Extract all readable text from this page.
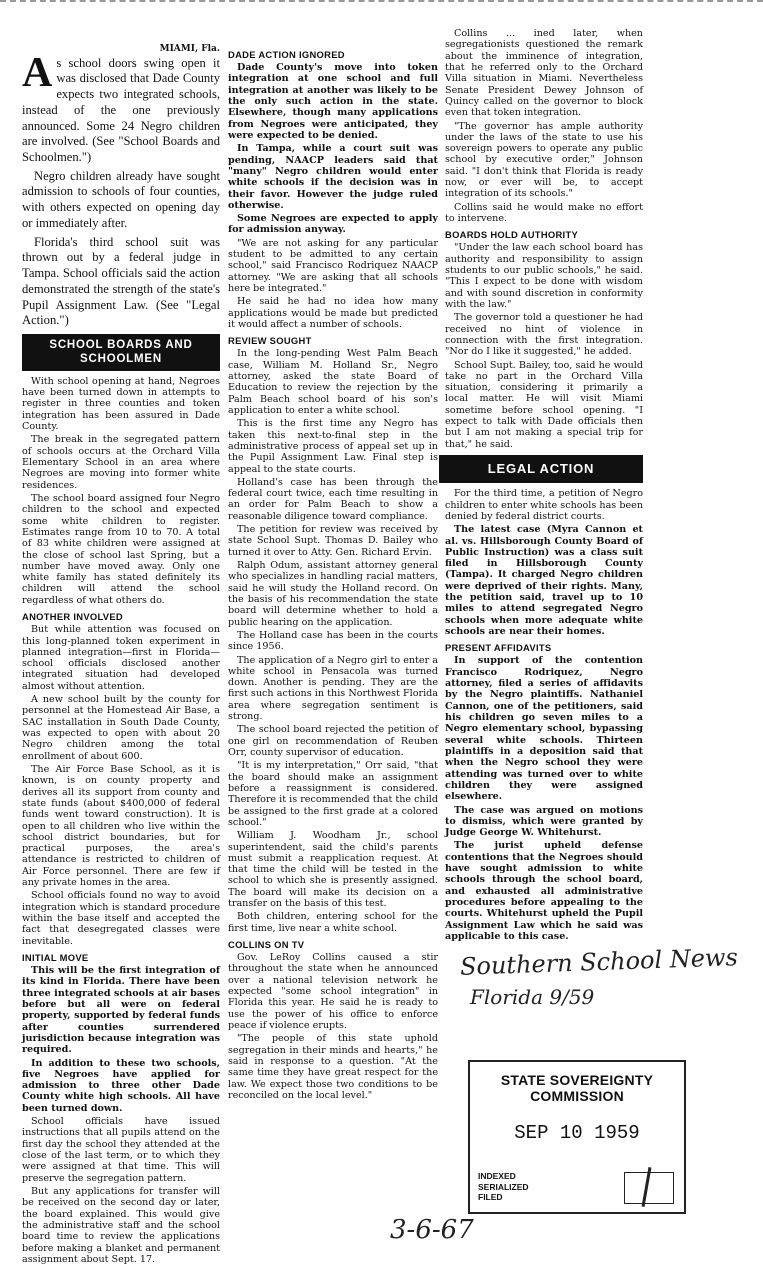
MIAMI, Fla.

As school doors swing open it was disclosed that Dade County expects two integrated schools, instead of the one previously announced. Some 24 Negro children are involved. (See "School Boards and Schoolmen.")

Negro children already have sought admission to schools of four counties, with others expected on opening day or immediately after.

Florida's third school suit was thrown out by a federal judge in Tampa. School officials said the action demonstrated the strength of the state's Pupil Assignment Law. (See "Legal Action.")

SCHOOL BOARDS AND SCHOOLMEN

With school opening at hand, Negroes have been turned down in attempts to register in three counties and token integration has been assured in Dade County.

The break in the segregated pattern of schools occurs at the Orchard Villa Elementary School in an area where Negroes are moving into former white residences.

The school board assigned four Negro children to the school and expected some white children to register. Estimates range from 10 to 70. A total of 83 white children were assigned at the close of school last Spring, but a number have moved away. Only one white family has stated definitely its children will attend the school regardless of what others do.

ANOTHER INVOLVED

But while attention was focused on this long-planned token experiment in planned integration—first in Florida—school officials disclosed another integrated situation had developed almost without attention.

A new school built by the county for personnel at the Homestead Air Base, a SAC installation in South Dade County, was expected to open with about 20 Negro children among the total enrollment of about 600.

The Air Force Base School, as it is known, is on county property and derives all its support from county and state funds (about $400,000 of federal funds went toward construction). It is open to all children who live within the school district boundaries, but for practical purposes, the area's attendance is restricted to children of Air Force personnel. There are few if any private homes in the area.

School officials found no way to avoid integration which is standard procedure within the base itself and accepted the fact that desegregated classes were inevitable.

INITIAL MOVE

This will be the first integration of its kind in Florida. There have been three integrated schools at air bases before but all were on federal property, supported by federal funds after counties surrendered jurisdiction because integration was required.

In addition to these two schools, five Negroes have applied for admission to three other Dade County white high schools. All have been turned down.

School officials have issued instructions that all pupils attend on the first day the school they attended at the close of the last term, or to which they were assigned at that time. This will preserve the segregation pattern.

But any applications for transfer will be received on the second day or later, the board explained. This would give the administrative staff and the school board time to review the applications before making a blanket and permanent assignment about Sept. 17.

DADE ACTION IGNORED

Dade County's move into token integration at one school and full integration at another was likely to be the only such action in the state. Elsewhere, though many applications from Negroes were anticipated, they were expected to be denied.

In Tampa, while a court suit was pending, NAACP leaders said that "many" Negro children would enter white schools if the decision was in their favor. However the judge ruled otherwise.

Some Negroes are expected to apply for admission anyway.

"We are not asking for any particular student to be admitted to any certain school," said Francisco Rodriquez NAACP attorney. "We are asking that all schools here be integrated."

He said he had no idea how many applications would be made but predicted it would affect a number of schools.

REVIEW SOUGHT

In the long-pending West Palm Beach case, William M. Holland Sr., Negro attorney, asked the state Board of Education to review the rejection by the Palm Beach school board of his son's application to enter a white school.

This is the first time any Negro has taken this next-to-final step in the administrative process of appeal set up in the Pupil Assignment Law. Final step is appeal to the state courts.

Holland's case has been through the federal court twice, each time resulting in an order for Palm Beach to show a reasonable diligence toward compliance.

The petition for review was received by state School Supt. Thomas D. Bailey who turned it over to Atty. Gen. Richard Ervin.

Ralph Odum, assistant attorney general who specializes in handling racial matters, said he will study the Holland record. On the basis of his recommendation the state board will determine whether to hold a public hearing on the application.

The Holland case has been in the courts since 1956.

The application of a Negro girl to enter a white school in Pensacola was turned down. Another is pending. They are the first such actions in this Northwest Florida area where segregation sentiment is strong.

The school board rejected the petition of one girl on recommendation of Reuben Orr, county supervisor of education.

"It is my interpretation," Orr said, "that the board should make an assignment before a reassignment is considered. Therefore it is recommended that the child be assigned to the first grade at a colored school."

William J. Woodham Jr., school superintendent, said the child's parents must submit a reapplication request. At that time the child will be tested in the school to which she is presently assigned. The board will make its decision on a transfer on the basis of this test.

Both children, entering school for the first time, live near a white school.

COLLINS ON TV

Gov. LeRoy Collins caused a stir throughout the state when he announced over a national television network he expected "some school integration" in Florida this year. He said he is ready to use the power of his office to enforce peace if violence erupts.

"The people of this state uphold segregation in their minds and hearts," he said in response to a question. "At the same time they have great respect for the law. We expect those two conditions to be reconciled on the local level."

Collins ... ined later, when segregationists questioned the remark about the imminence of integration, that he referred only to the Orchard Villa situation in Miami. Nevertheless Senate President Dewey Johnson of Quincy called on the governor to block even that token integration.

"The governor has ample authority under the laws of the state to use his sovereign powers to operate any public school by executive order," Johnson said. "I don't think that Florida is ready now, or ever will be, to accept integration of its schools."

Collins said he would make no effort to intervene.

BOARDS HOLD AUTHORITY

"Under the law each school board has authority and responsibility to assign students to our public schools," he said. "This I expect to be done with wisdom and with sound discretion in conformity with the law."

The governor told a questioner he had received no hint of violence in connection with the first integration. "Nor do I like it suggested," he added.

School Supt. Bailey, too, said he would take no part in the Orchard Villa situation, considering it primarily a local matter. He will visit Miami sometime before school opening. "I expect to talk with Dade officials then but I am not making a special trip for that," he said.

LEGAL ACTION

For the third time, a petition of Negro children to enter white schools has been denied by federal district courts.

The latest case (Myra Cannon et al. vs. Hillsborough County Board of Public Instruction) was a class suit filed in Hillsborough County (Tampa). It charged Negro children were deprived of their rights. Many, the petition said, travel up to 10 miles to attend segregated Negro schools when more adequate white schools are near their homes.

PRESENT AFFIDAVITS

In support of the contention Francisco Rodriquez, Negro attorney, filed a series of affidavits by the Negro plaintiffs. Nathaniel Cannon, one of the petitioners, said his children go seven miles to a Negro elementary school, bypassing several white schools. Thirteen plaintiffs in a deposition said that when the Negro school they were attending was turned over to white children they were assigned elsewhere.

The case was argued on motions to dismiss, which were granted by Judge George W. Whitehurst.

The jurist upheld defense contentions that the Negroes should have sought admission to white schools through the school board, and exhausted all administrative procedures before appealing to the courts. Whitehurst upheld the Pupil Assignment Law which he said was applicable to this case.

Southern School News
Florida 9/59
3-6-67
STATE SOVEREIGNTY COMMISSION
SEP 10 1959
INDEXED
SERIALIZED
FILED
